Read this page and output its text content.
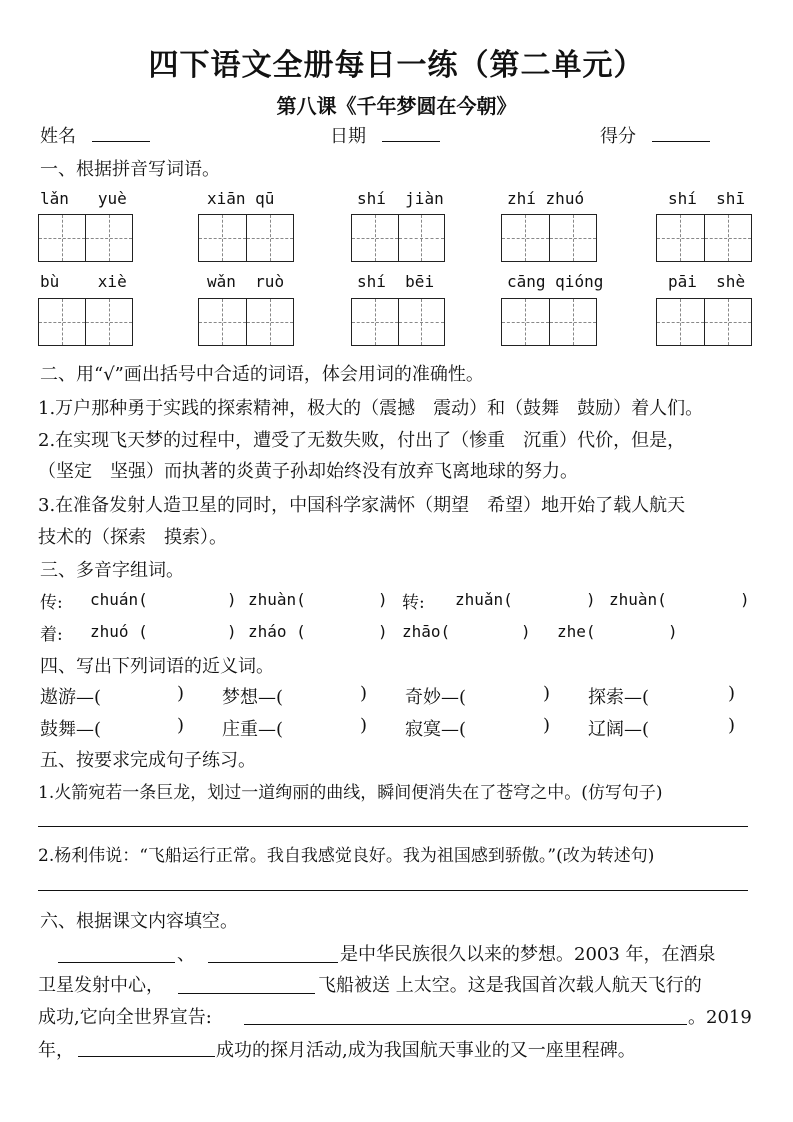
四下语文全册每日一练（第二单元）
第八课《千年梦圆在今朝》
姓名	日期	得分
一、根据拼音写词语。
lǎn yuè	xiān qū	shí jiàn	zhí zhuó	shí shī
bù xiè	wǎn ruò	shí bēi	cāng qióng	pāi shè
二、用“√”画出括号中合适的词语，体会用词的准确性。
1.万户那种勇于实践的探索精神，极大的（震撼　震动）和（鼓舞　鼓励）着人们。
2.在实现飞天梦的过程中，遭受了无数失败，付出了（惨重　沉重）代价，但是，
（坚定　坚强）而执著的炎黄子孙却始终没有放弃飞离地球的努力。
3.在准备发射人造卫星的同时，中国科学家满怀（期望　希望）地开始了载人航天
技术的（探索　摸索）。
三、多音字组词。
传: chuán(	) zhuàn(	) 转: zhuǎn(	) zhuàn(	)
着: zhuó (	) zháo (	) zhāo(	) zhe(	)
四、写出下列词语的近义词。
遨游—(	) 梦想—(	) 奇妙—(	) 探索—(	)
鼓舞—(	) 庄重—(	) 寂寞—(	) 辽阔—(	)
五、按要求完成句子练习。
1.火箭宛若一条巨龙，划过一道绚丽的曲线，瞬间便消失在了苍穹之中。(仿写句子)
2.杨利伟说：“飞船运行正常。我自我感觉良好。我为祖国感到骄傲。”(改为转述句)
六、根据课文内容填空。
、	是中华民族很久以来的梦想。2003 年，在酒泉
卫星发射中心，	飞船被送 上太空。这是我国首次载人航天飞行的
成功,它向全世界宣告:	。2019
年，	成功的探月活动,成为我国航天事业的又一座里程碑。
